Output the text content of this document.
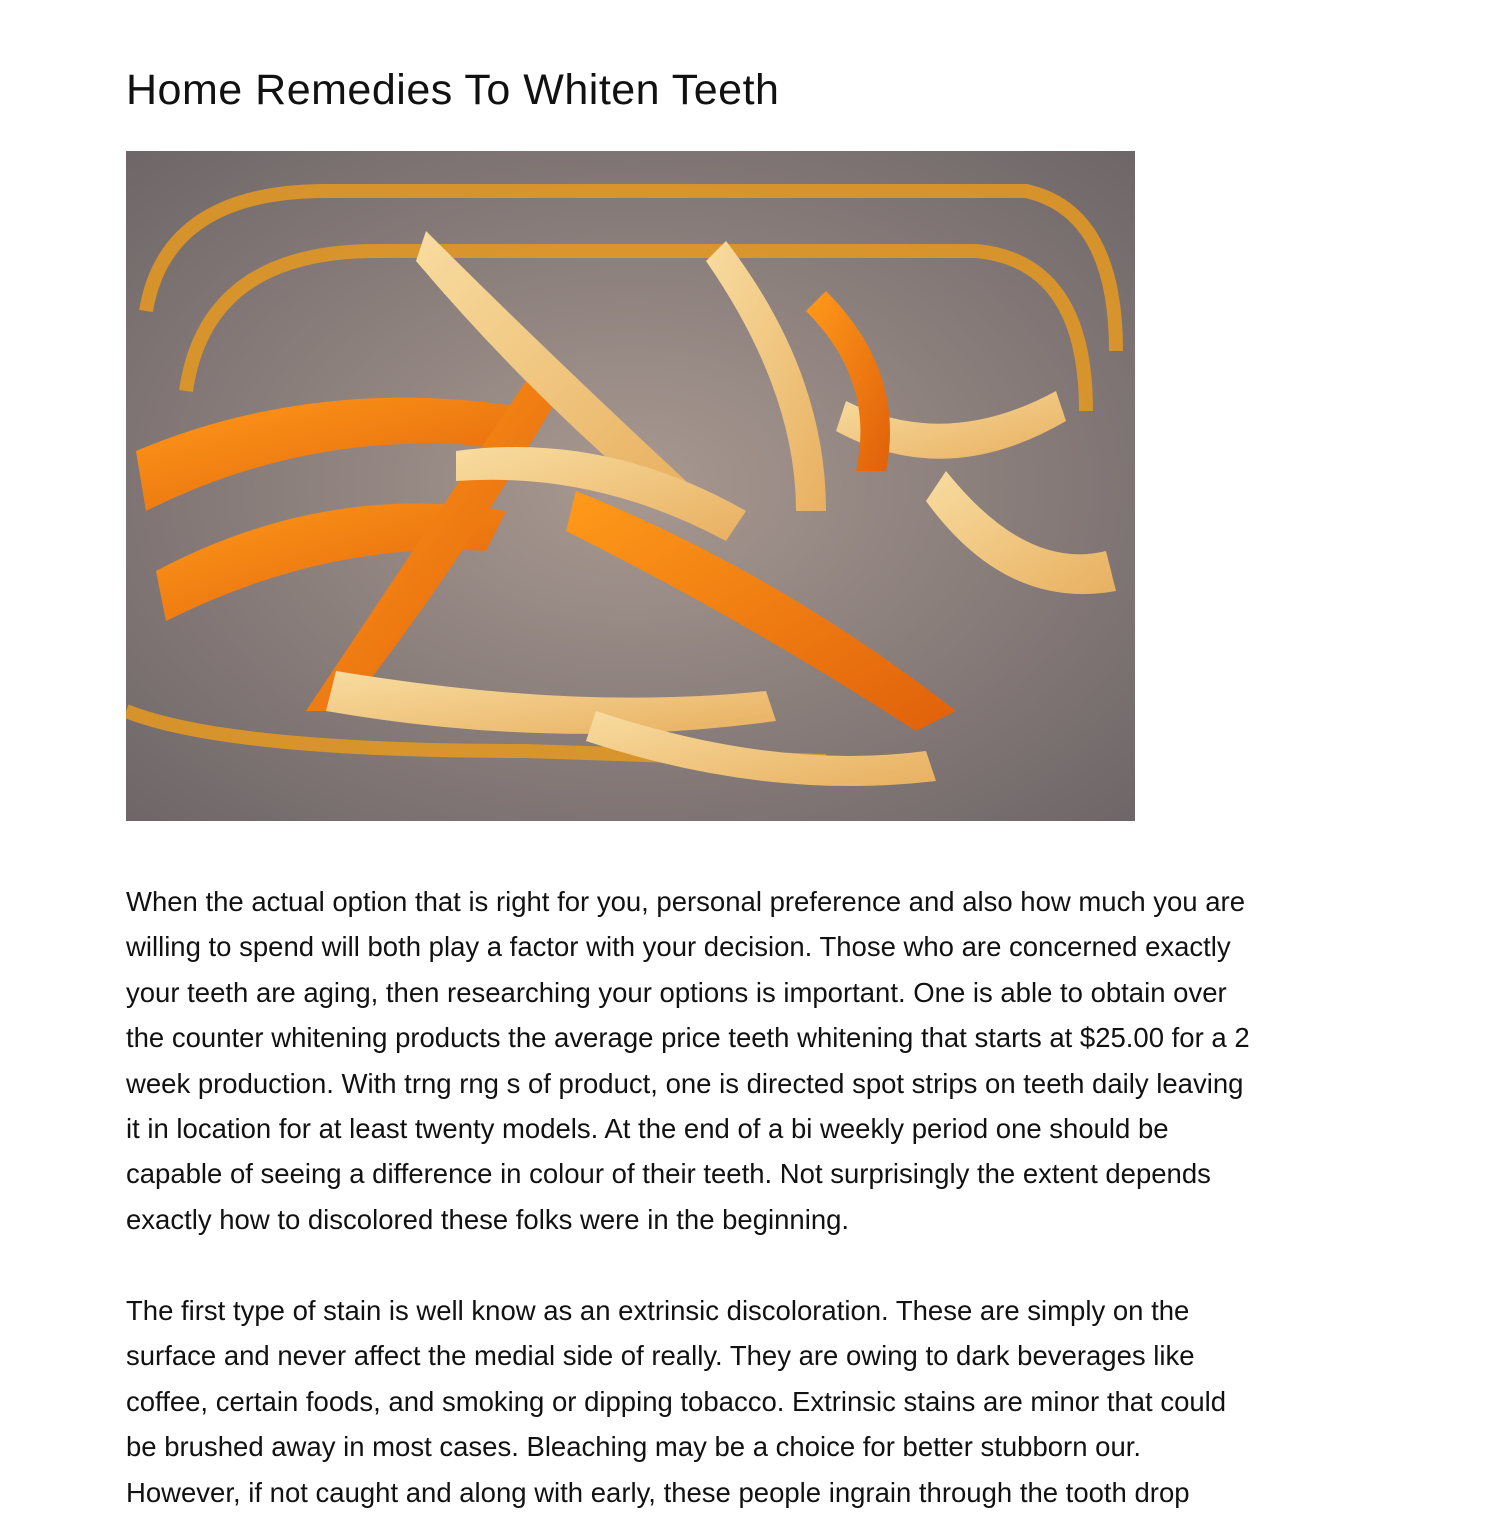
Home Remedies To Whiten Teeth
When the actual option that is right for you, personal preference and also how much you are
willing to spend will both play a factor with your decision. Those who are concerned exactly
your teeth are aging, then researching your options is important. One is able to obtain over
the counter whitening products the average price teeth whitening that starts at $25.00 for a 2
week production. With trng rng s of product, one is directed spot strips on teeth daily leaving
it in location for at least twenty models. At the end of a bi weekly period one should be
capable of seeing a difference in colour of their teeth. Not surprisingly the extent depends
exactly how to discolored these folks were in the beginning.
The first type of stain is well know as an extrinsic discoloration. These are simply on the
surface and never affect the medial side of really. They are owing to dark beverages like
coffee, certain foods, and smoking or dipping tobacco. Extrinsic stains are minor that could
be brushed away in most cases. Bleaching may be a choice for better stubborn our.
However, if not caught and along with early, these people ingrain through the tooth drop
